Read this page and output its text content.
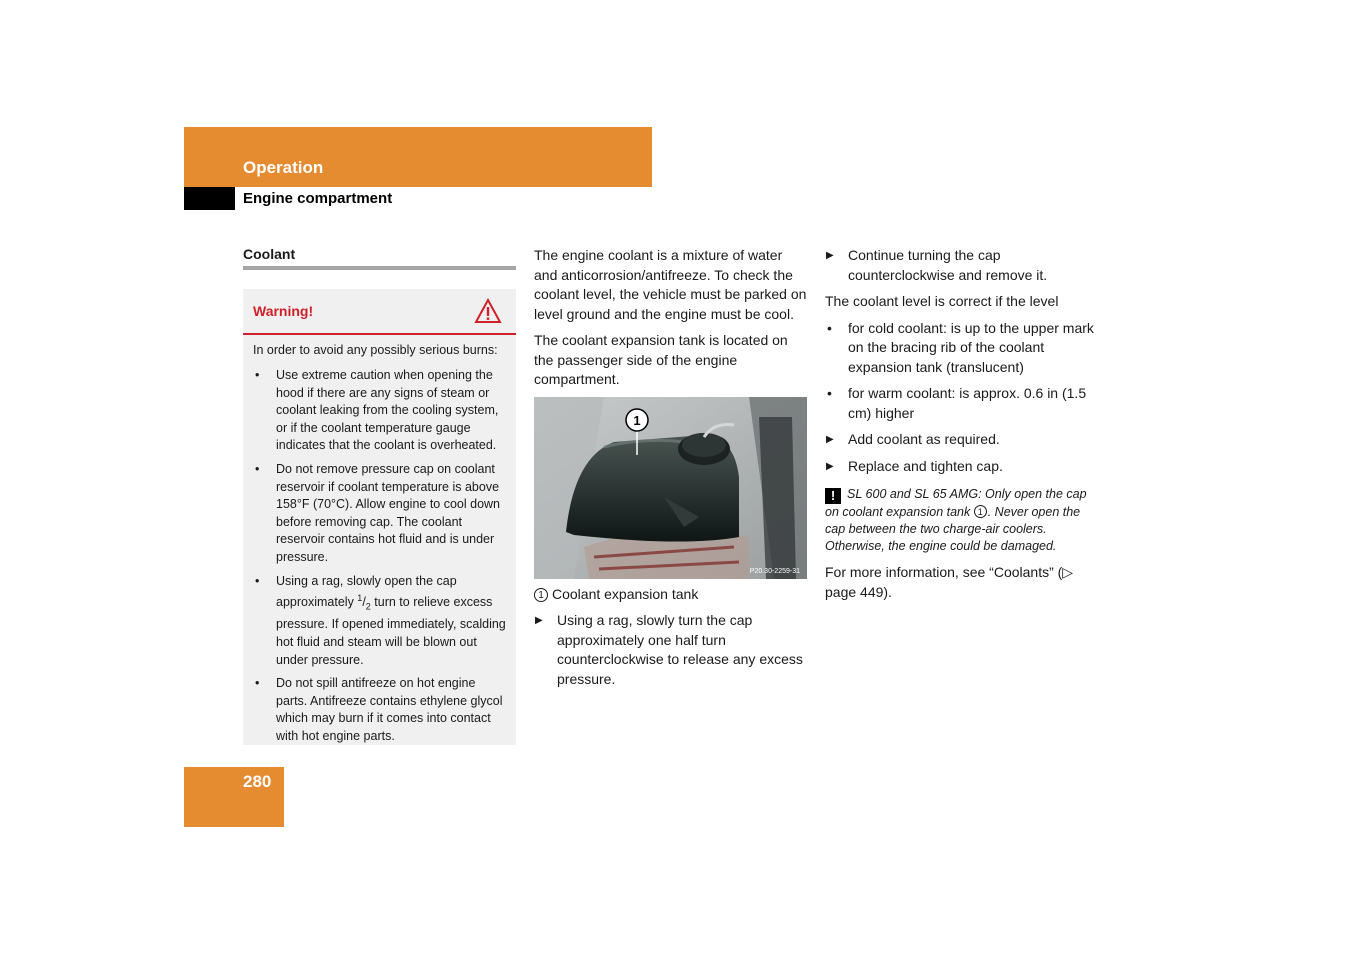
Operation
Engine compartment
Coolant
Warning!
In order to avoid any possibly serious burns:
• Use extreme caution when opening the hood if there are any signs of steam or coolant leaking from the cooling system, or if the coolant temperature gauge indicates that the coolant is overheated.
• Do not remove pressure cap on coolant reservoir if coolant temperature is above 158°F (70°C). Allow engine to cool down before removing cap. The coolant reservoir contains hot fluid and is under pressure.
• Using a rag, slowly open the cap approximately $^1/_2$ turn to relieve excess pressure. If opened immediately, scalding hot fluid and steam will be blown out under pressure.
• Do not spill antifreeze on hot engine parts. Antifreeze contains ethylene glycol which may burn if it comes into contact with hot engine parts.

The engine coolant is a mixture of water and anticorrosion/antifreeze. To check the coolant level, the vehicle must be parked on level ground and the engine must be cool.

The coolant expansion tank is located on the passenger side of the engine compartment.

1
P20.30-2259-31

1 Coolant expansion tank

▶ Using a rag, slowly turn the cap approximately one half turn counterclockwise to release any excess pressure.

▶ Continue turning the cap counterclockwise and remove it.

The coolant level is correct if the level

• for cold coolant: is up to the upper mark on the bracing rib of the coolant expansion tank (translucent)

• for warm coolant: is approx. 0.6 in (1.5 cm) higher

▶ Add coolant as required.

▶ Replace and tighten cap.

! SL 600 and SL 65 AMG: Only open the cap on coolant expansion tank 1 . Never open the cap between the two charge-air coolers. Otherwise, the engine could be damaged.

For more information, see “Coolants” (▷ page 449).

280
